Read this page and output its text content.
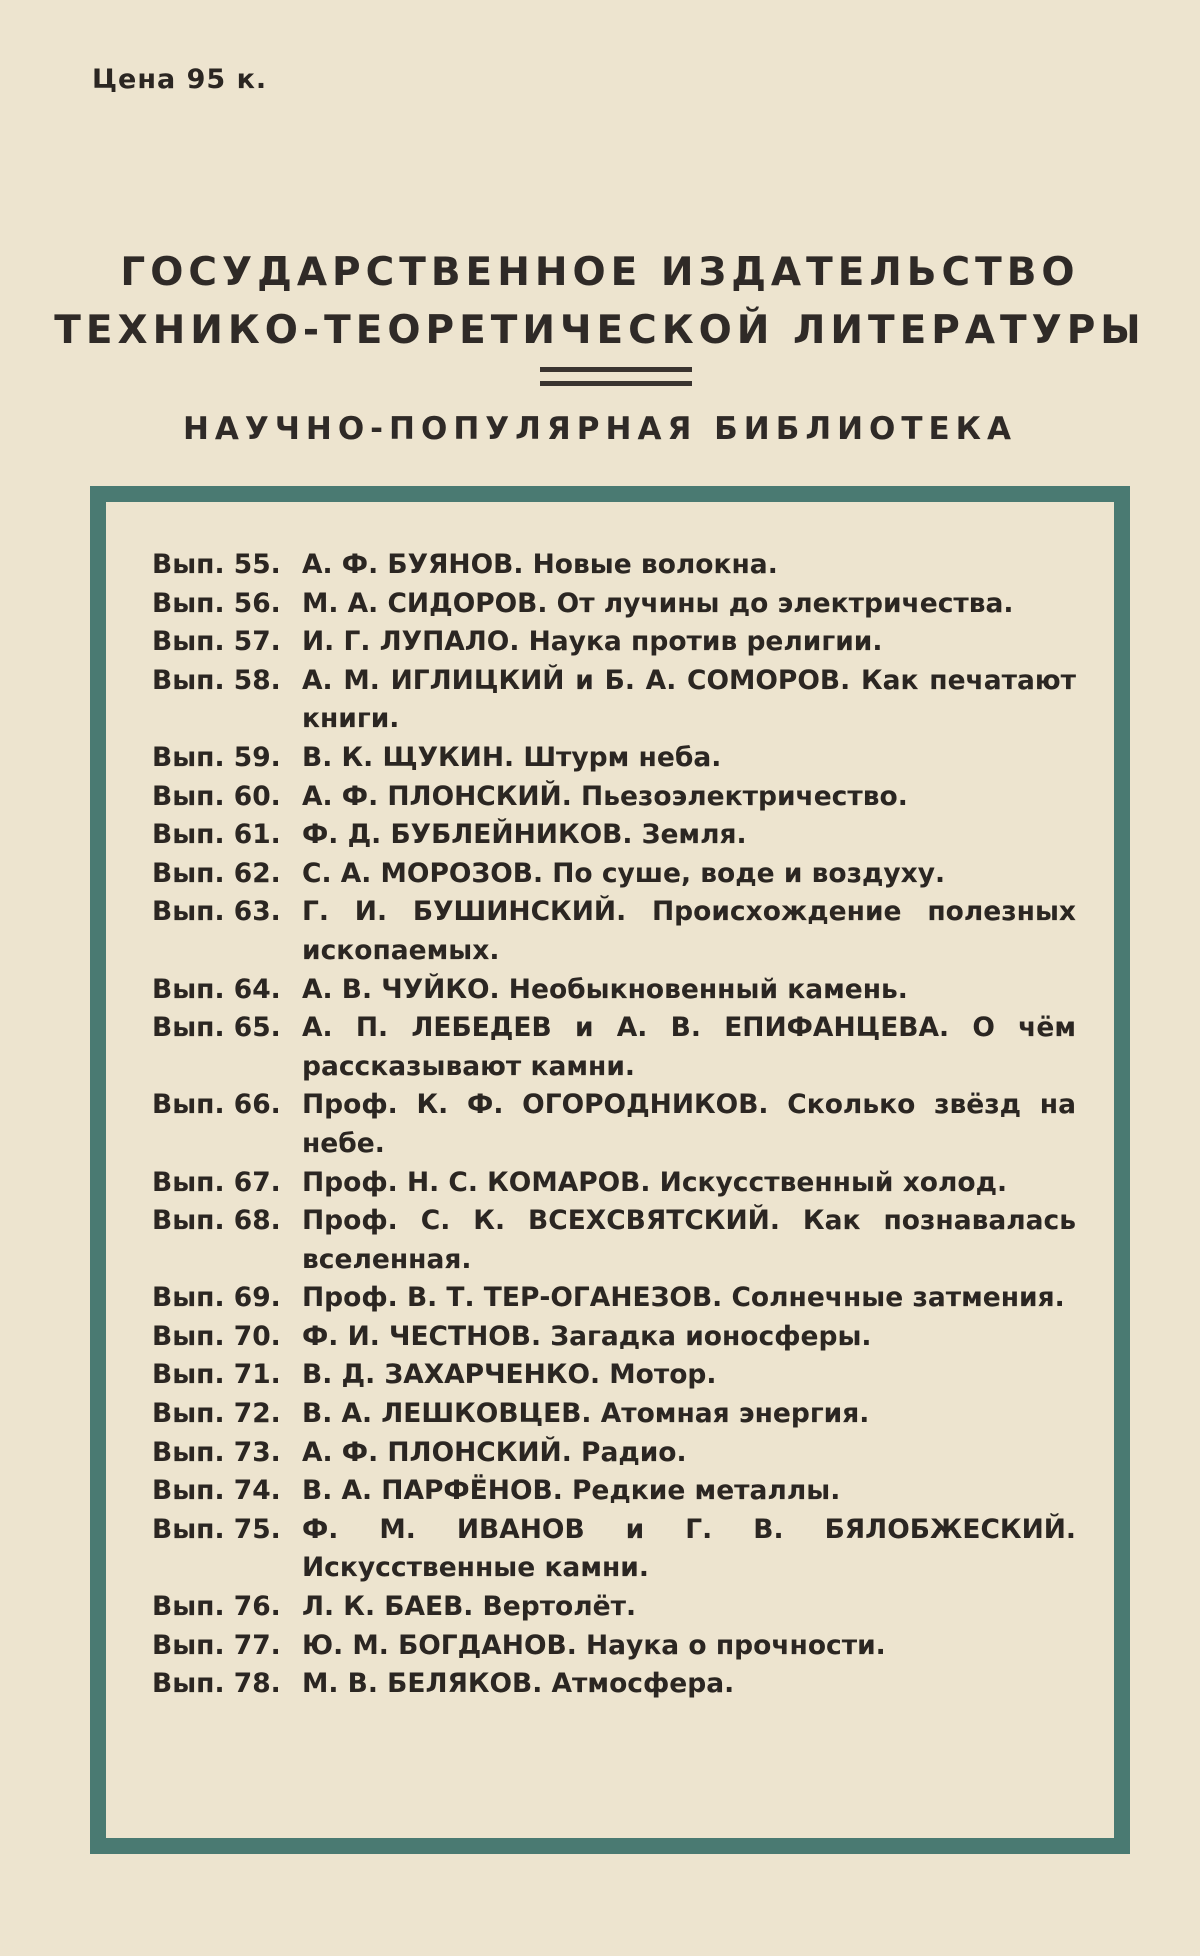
Цена 95 к.
ГОСУДАРСТВЕННОЕ ИЗДАТЕЛЬСТВО
ТЕХНИКО-ТЕОРЕТИЧЕСКОЙ ЛИТЕРАТУРЫ
НАУЧНО-ПОПУЛЯРНАЯ БИБЛИОТЕКА
Вып. 55. А. Ф. БУЯНОВ. Новые волокна.
Вып. 56. М. А. СИДОРОВ. От лучины до электричества.
Вып. 57. И. Г. ЛУПАЛО. Наука против религии.
Вып. 58. А. М. ИГЛИЦКИЙ и Б. А. СОМОРОВ. Как печатают книги.
Вып. 59. В. К. ЩУКИН. Штурм неба.
Вып. 60. А. Ф. ПЛОНСКИЙ. Пьезоэлектричество.
Вып. 61. Ф. Д. БУБЛЕЙНИКОВ. Земля.
Вып. 62. С. А. МОРОЗОВ. По суше, воде и воздуху.
Вып. 63. Г. И. БУШИНСКИЙ. Происхождение полезных ископаемых.
Вып. 64. А. В. ЧУЙКО. Необыкновенный камень.
Вып. 65. А. П. ЛЕБЕДЕВ и А. В. ЕПИФАНЦЕВА. О чём рассказывают камни.
Вып. 66. Проф. К. Ф. ОГОРОДНИКОВ. Сколько звёзд на небе.
Вып. 67. Проф. Н. С. КОМАРОВ. Искусственный холод.
Вып. 68. Проф. С. К. ВСЕХСВЯТСКИЙ. Как познавалась вселенная.
Вып. 69. Проф. В. Т. ТЕР-ОГАНЕЗОВ. Солнечные затмения.
Вып. 70. Ф. И. ЧЕСТНОВ. Загадка ионосферы.
Вып. 71. В. Д. ЗАХАРЧЕНКО. Мотор.
Вып. 72. В. А. ЛЕШКОВЦЕВ. Атомная энергия.
Вып. 73. А. Ф. ПЛОНСКИЙ. Радио.
Вып. 74. В. А. ПАРФЁНОВ. Редкие металлы.
Вып. 75. Ф. М. ИВАНОВ и Г. В. БЯЛОБЖЕСКИЙ. Искусственные камни.
Вып. 76. Л. К. БАЕВ. Вертолёт.
Вып. 77. Ю. М. БОГДАНОВ. Наука о прочности.
Вып. 78. М. В. БЕЛЯКОВ. Атмосфера.
